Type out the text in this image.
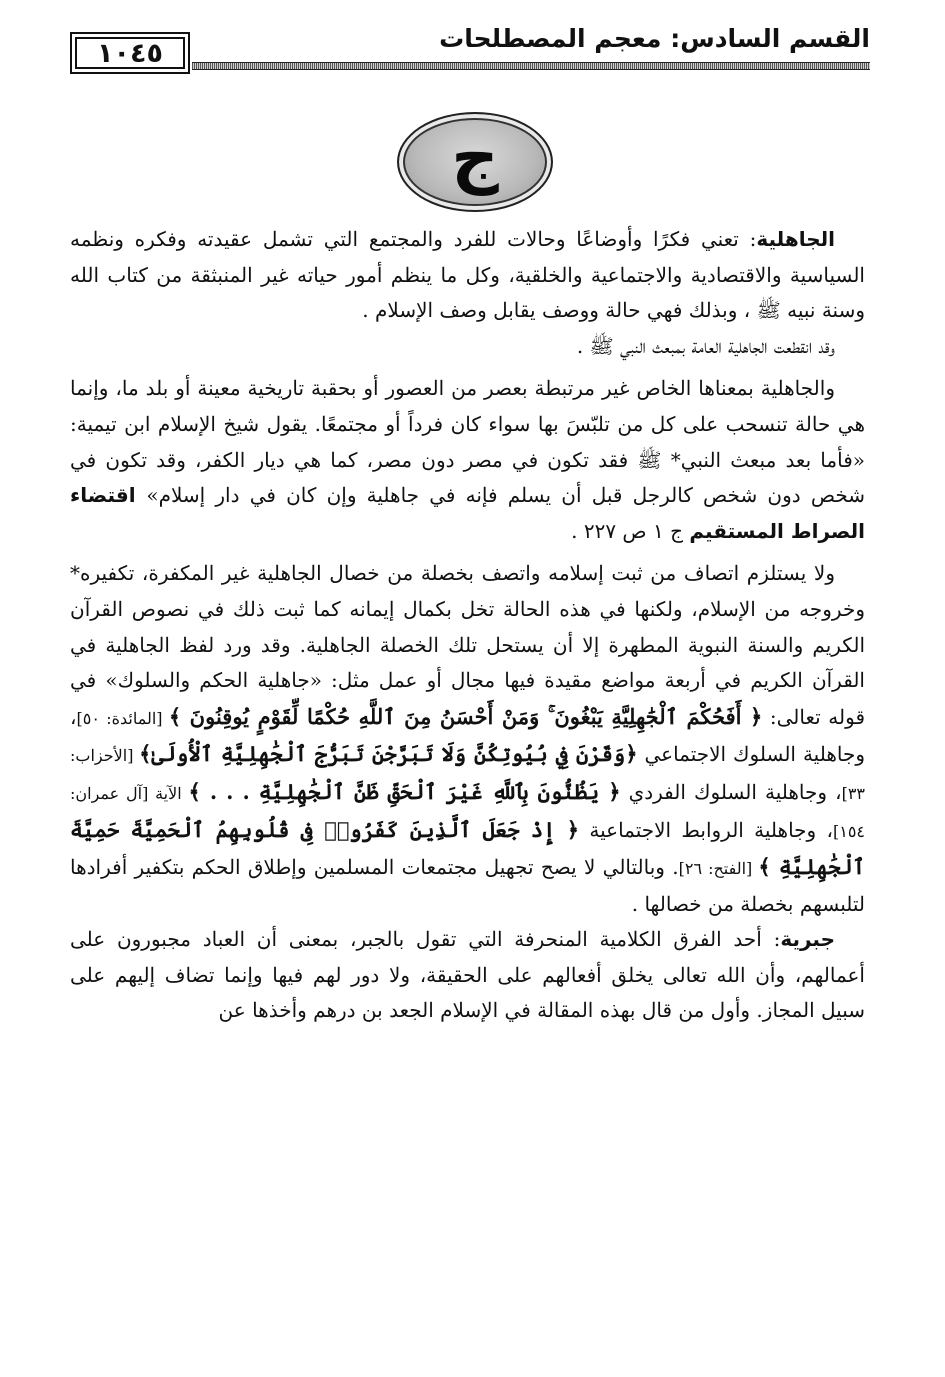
القسم السادس: معجم المصطلحات
١٠٤٥
ج

الجاهلية: تعني فكرًا وأوضاعًا وحالات للفرد والمجتمع التي تشمل عقيدته وفكره ونظمه السياسية والاقتصادية والاجتماعية والخلقية، وكل ما ينظم أمور حياته غير المنبثقة من كتاب الله وسنة نبيه ﷺ ، وبذلك فهي حالة ووصف يقابل وصف الإسلام .

وقد انقطعت الجاهلية العامة بمبعث النبي ﷺ .

والجاهلية بمعناها الخاص غير مرتبطة بعصر من العصور أو بحقبة تاريخية معينة أو بلد ما، وإنما هي حالة تنسحب على كل من تلبّسَ بها سواء كان فرداً أو مجتمعًا. يقول شيخ الإسلام ابن تيمية: «فأما بعد مبعث النبي* ﷺ فقد تكون في مصر دون مصر، كما هي ديار الكفر، وقد تكون في شخص دون شخص كالرجل قبل أن يسلم فإنه في جاهلية وإن كان في دار إسلام» اقتضاء الصراط المستقيم ج ١ ص ٢٢٧ .

ولا يستلزم اتصاف من ثبت إسلامه واتصف بخصلة من خصال الجاهلية غير المكفرة، تكفيره* وخروجه من الإسلام، ولكنها في هذه الحالة تخل بكمال إيمانه كما ثبت ذلك في نصوص القرآن الكريم والسنة النبوية المطهرة إلا أن يستحل تلك الخصلة الجاهلية. وقد ورد لفظ الجاهلية في القرآن الكريم في أربعة مواضع مقيدة فيها مجال أو عمل مثل: «جاهلية الحكم والسلوك» في قوله تعالى: ﴿ أَفَحُكْمَ ٱلْجَٰهِلِيَّةِ يَبْغُونَ ۚ وَمَنْ أَحْسَنُ مِنَ ٱللَّهِ حُكْمًا لِّقَوْمٍ يُوقِنُونَ ﴾ [المائدة: ٥٠]، وجاهلية السلوك الاجتماعي ﴿وَقَرْنَ فِي بُيُوتِكُنَّ وَلَا تَبَرَّجْنَ تَبَرُّجَ ٱلْجَٰهِلِيَّةِ ٱلْأُولَىٰ﴾ [الأحزاب: ٣٣]، وجاهلية السلوك الفردي ﴿ يَظُنُّونَ بِٱللَّهِ غَيْرَ ٱلْحَقِّ ظَنَّ ٱلْجَٰهِلِيَّةِ . . . ﴾ الآية [آل عمران: ١٥٤]، وجاهلية الروابط الاجتماعية ﴿ إِذْ جَعَلَ ٱلَّذِينَ كَفَرُوا۟ فِى قُلُوبِهِمُ ٱلْحَمِيَّةَ حَمِيَّةَ ٱلْجَٰهِلِيَّةِ ﴾ [الفتح: ٢٦]. وبالتالي لا يصح تجهيل مجتمعات المسلمين وإطلاق الحكم بتكفير أفرادها لتلبسهم بخصلة من خصالها .

جبرية: أحد الفرق الكلامية المنحرفة التي تقول بالجبر، بمعنى أن العباد مجبورون على أعمالهم، وأن الله تعالى يخلق أفعالهم على الحقيقة، ولا دور لهم فيها وإنما تضاف إليهم على سبيل المجاز. وأول من قال بهذه المقالة في الإسلام الجعد بن درهم وأخذها عن
